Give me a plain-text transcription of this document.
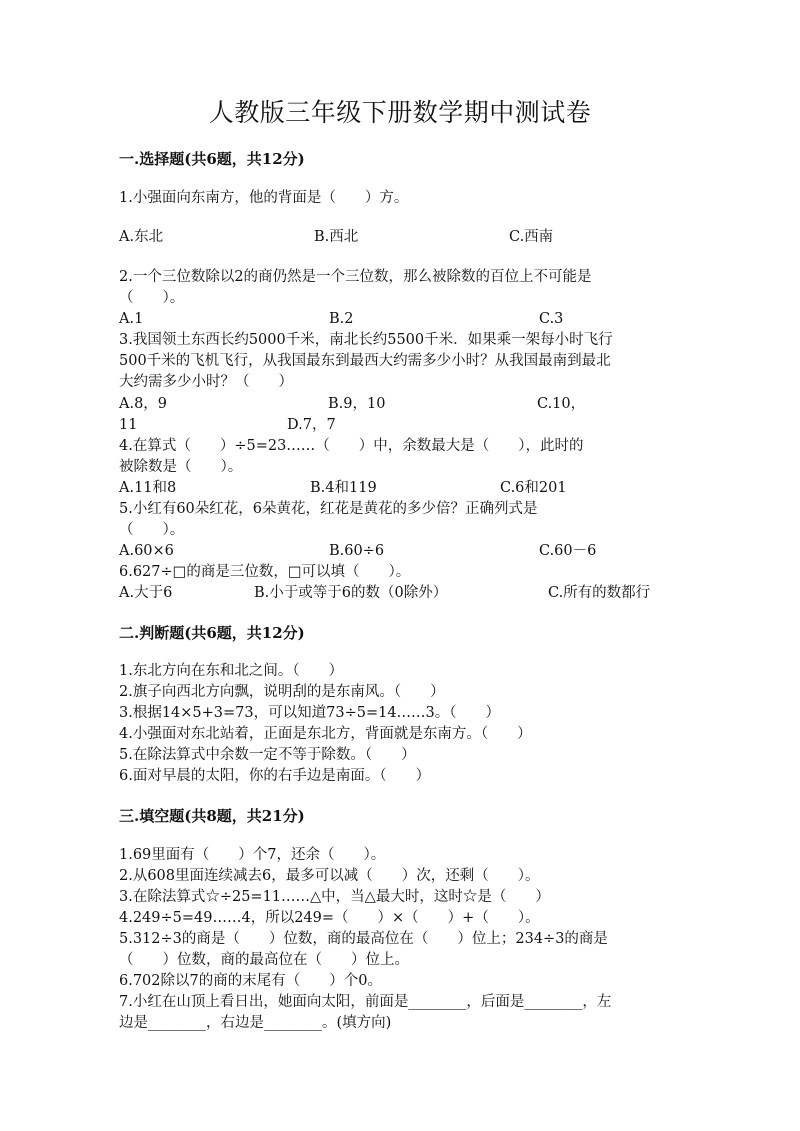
人教版三年级下册数学期中测试卷
一.选择题(共6题，共12分)
1.小强面向东南方，他的背面是（　　）方。
A.东北	B.西北	C.西南
2.一个三位数除以2的商仍然是一个三位数，那么被除数的百位上不可能是
（　　）。
A.1	B.2	C.3
3.我国领土东西长约5000千米，南北长约5500千米．如果乘一架每小时飞行
500千米的飞机飞行，从我国最东到最西大约需多少小时？从我国最南到最北
大约需多少小时？（　　）
A.8，9	B.9，10	C.10，
11	D.7，7
4.在算式（　　）÷5=23……（　　）中，余数最大是（　　），此时的
被除数是（　　）。
A.11和8	B.4和119	C.6和201
5.小红有60朵红花，6朵黄花，红花是黄花的多少倍？正确列式是
（　　）。
A.60×6	B.60÷6	C.60－6
6.627÷□的商是三位数，□可以填（　　）。
A.大于6	B.小于或等于6的数（0除外）	C.所有的数都行
二.判断题(共6题，共12分)
1.东北方向在东和北之间。（　　）
2.旗子向西北方向飘，说明刮的是东南风。（　　）
3.根据14×5+3=73，可以知道73÷5=14……3。（　　）
4.小强面对东北站着，正面是东北方，背面就是东南方。（　　）
5.在除法算式中余数一定不等于除数。（　　）
6.面对早晨的太阳，你的右手边是南面。（　　）
三.填空题(共8题，共21分)
1.69里面有（　　）个7，还余（　　）。
2.从608里面连续减去6，最多可以减（　　）次，还剩（　　）。
3.在除法算式☆÷25=11……△中，当△最大时，这时☆是（　　）
4.249÷5=49……4，所以249=（　　）×（　　）+（　　）。
5.312÷3的商是（　　）位数，商的最高位在（　　）位上；234÷3的商是
（　　）位数，商的最高位在（　　）位上。
6.702除以7的商的末尾有（　　）个0。
7.小红在山顶上看日出，她面向太阳，前面是________，后面是________，左
边是________，右边是________。(填方向)
